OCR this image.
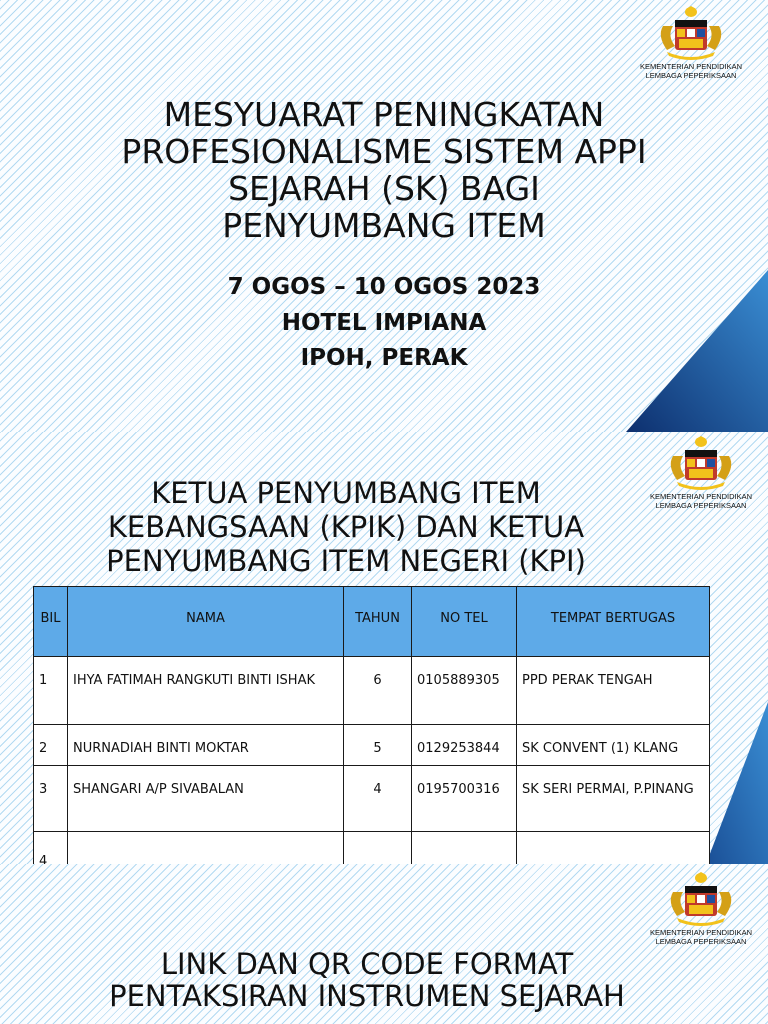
KEMENTERIAN PENDIDIKAN
LEMBAGA PEPERIKSAAN
MESYUARAT PENINGKATAN
PROFESIONALISME SISTEM APPI
SEJARAH (SK) BAGI
PENYUMBANG ITEM
7 OGOS – 10 OGOS 2023
HOTEL IMPIANA
IPOH, PERAK
KEMENTERIAN PENDIDIKAN
LEMBAGA PEPERIKSAAN
KETUA PENYUMBANG ITEM
KEBANGSAAN (KPIK) DAN KETUA
PENYUMBANG ITEM NEGERI (KPI)
BIL	NAMA	TAHUN	NO TEL	TEMPAT BERTUGAS
1	IHYA FATIMAH RANGKUTI BINTI ISHAK	6	0105889305	PPD PERAK TENGAH
2	NURNADIAH BINTI MOKTAR	5	0129253844	SK CONVENT (1) KLANG
3	SHANGARI A/P SIVABALAN	4	0195700316	SK SERI PERMAI, P.PINANG
4				
KEMENTERIAN PENDIDIKAN
LEMBAGA PEPERIKSAAN
LINK DAN QR CODE FORMAT
PENTAKSIRAN INSTRUMEN SEJARAH
